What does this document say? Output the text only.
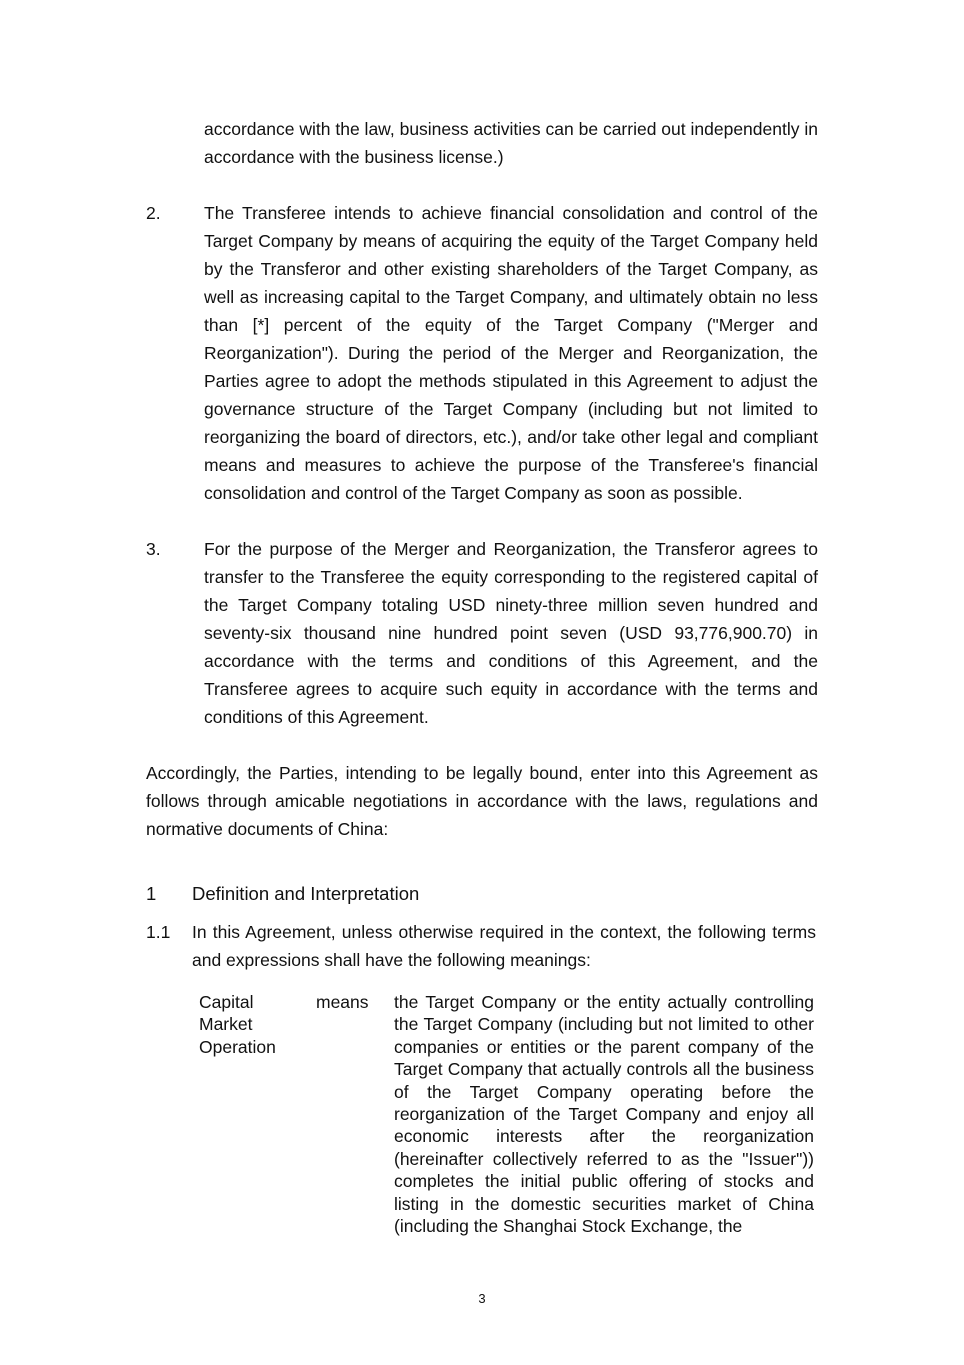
accordance with the law, business activities can be carried out independently in accordance with the business license.)

2. The Transferee intends to achieve financial consolidation and control of the Target Company by means of acquiring the equity of the Target Company held by the Transferor and other existing shareholders of the Target Company, as well as increasing capital to the Target Company, and ultimately obtain no less than [*] percent of the equity of the Target Company ("Merger and Reorganization"). During the period of the Merger and Reorganization, the Parties agree to adopt the methods stipulated in this Agreement to adjust the governance structure of the Target Company (including but not limited to reorganizing the board of directors, etc.), and/or take other legal and compliant means and measures to achieve the purpose of the Transferee's financial consolidation and control of the Target Company as soon as possible.

3. For the purpose of the Merger and Reorganization, the Transferor agrees to transfer to the Transferee the equity corresponding to the registered capital of the Target Company totaling USD ninety-three million seven hundred and seventy-six thousand nine hundred point seven (USD 93,776,900.70) in accordance with the terms and conditions of this Agreement, and the Transferee agrees to acquire such equity in accordance with the terms and conditions of this Agreement.

Accordingly, the Parties, intending to be legally bound, enter into this Agreement as follows through amicable negotiations in accordance with the laws, regulations and normative documents of China:

1 Definition and Interpretation
1.1 In this Agreement, unless otherwise required in the context, the following terms and expressions shall have the following meanings:

Capital Market Operation
means the Target Company or the entity actually controlling the Target Company (including but not limited to other companies or entities or the parent company of the Target Company that actually controls all the business of the Target Company operating before the reorganization of the Target Company and enjoy all economic interests after the reorganization (hereinafter collectively referred to as the "Issuer")) completes the initial public offering of stocks and listing in the domestic securities market of China (including the Shanghai Stock Exchange, the

3
